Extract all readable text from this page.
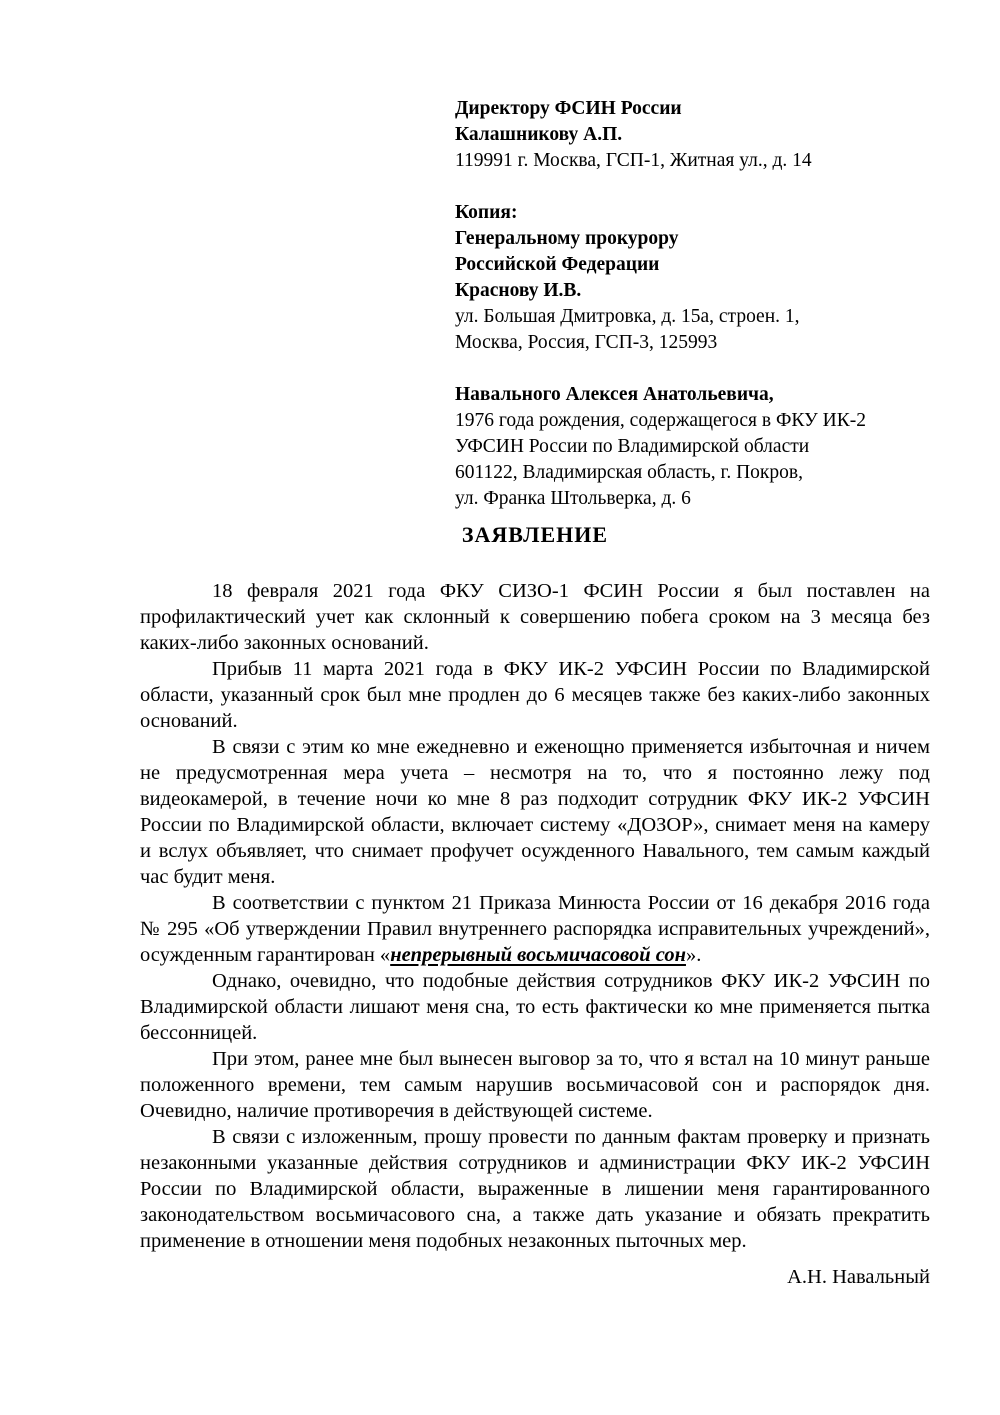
Директору ФСИН России
Калашникову А.П.
119991 г. Москва, ГСП-1, Житная ул., д. 14
Копия:
Генеральному прокурору
Российской Федерации
Краснову И.В.
ул. Большая Дмитровка, д. 15а, строен. 1,
Москва, Россия, ГСП-3, 125993
Навального Алексея Анатольевича,
1976 года рождения, содержащегося в ФКУ ИК-2
УФСИН России по Владимирской области
601122, Владимирская область, г. Покров,
ул. Франка Штольверка, д. 6
ЗАЯВЛЕНИЕ

18 февраля 2021 года ФКУ СИЗО-1 ФСИН России я был поставлен на профилактический учет как склонный к совершению побега сроком на 3 месяца без каких-либо законных оснований.

Прибыв 11 марта 2021 года в ФКУ ИК-2 УФСИН России по Владимирской области, указанный срок был мне продлен до 6 месяцев также без каких-либо законных оснований.

В связи с этим ко мне ежедневно и еженощно применяется избыточная и ничем не предусмотренная мера учета – несмотря на то, что я постоянно лежу под видеокамерой, в течение ночи ко мне 8 раз подходит сотрудник ФКУ ИК-2 УФСИН России по Владимирской области, включает систему «ДОЗОР», снимает меня на камеру и вслух объявляет, что снимает профучет осужденного Навального, тем самым каждый час будит меня.

В соответствии с пунктом 21 Приказа Минюста России от 16 декабря 2016 года № 295 «Об утверждении Правил внутреннего распорядка исправительных учреждений», осужденным гарантирован «непрерывный восьмичасовой сон».

Однако, очевидно, что подобные действия сотрудников ФКУ ИК-2 УФСИН по Владимирской области лишают меня сна, то есть фактически ко мне применяется пытка бессонницей.

При этом, ранее мне был вынесен выговор за то, что я встал на 10 минут раньше положенного времени, тем самым нарушив восьмичасовой сон и распорядок дня. Очевидно, наличие противоречия в действующей системе.

В связи с изложенным, прошу провести по данным фактам проверку и признать незаконными указанные действия сотрудников и администрации ФКУ ИК-2 УФСИН России по Владимирской области, выраженные в лишении меня гарантированного законодательством восьмичасового сна, а также дать указание и обязать прекратить применение в отношении меня подобных незаконных пыточных мер.

А.Н. Навальный
